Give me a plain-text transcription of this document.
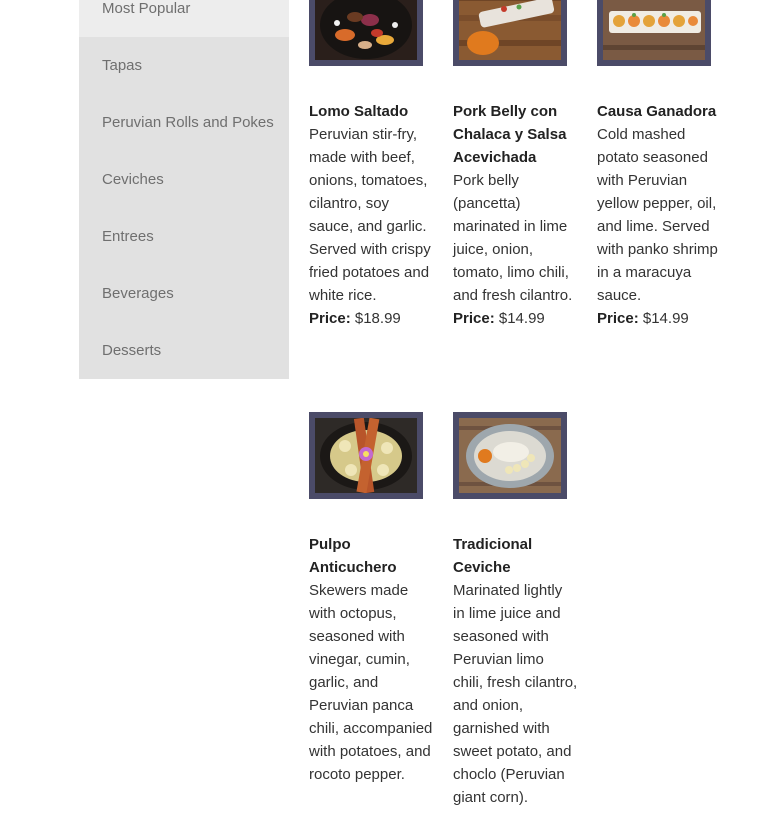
Most Popular
Tapas
Peruvian Rolls and Pokes
Ceviches
Entrees
Beverages
Desserts
Lomo Saltado
Peruvian stir-fry, made with beef, onions, tomatoes, cilantro, soy sauce, and garlic. Served with crispy fried potatoes and white rice.
Price: $18.99
Pork Belly con Chalaca y Salsa Acevichada
Pork belly (pancetta) marinated in lime juice, onion, tomato, limo chili, and fresh cilantro.
Price: $14.99
Causa Ganadora
Cold mashed potato seasoned with Peruvian yellow pepper, oil, and lime. Served with panko shrimp in a maracuya sauce.
Price: $14.99
Pulpo Anticuchero
Skewers made with octopus, seasoned with vinegar, cumin, garlic, and Peruvian panca chili, accompanied with potatoes, and rocoto pepper.
Tradicional Ceviche
Marinated lightly in lime juice and seasoned with Peruvian limo chili, fresh cilantro, and onion, garnished with sweet potato, and choclo (Peruvian giant corn).
